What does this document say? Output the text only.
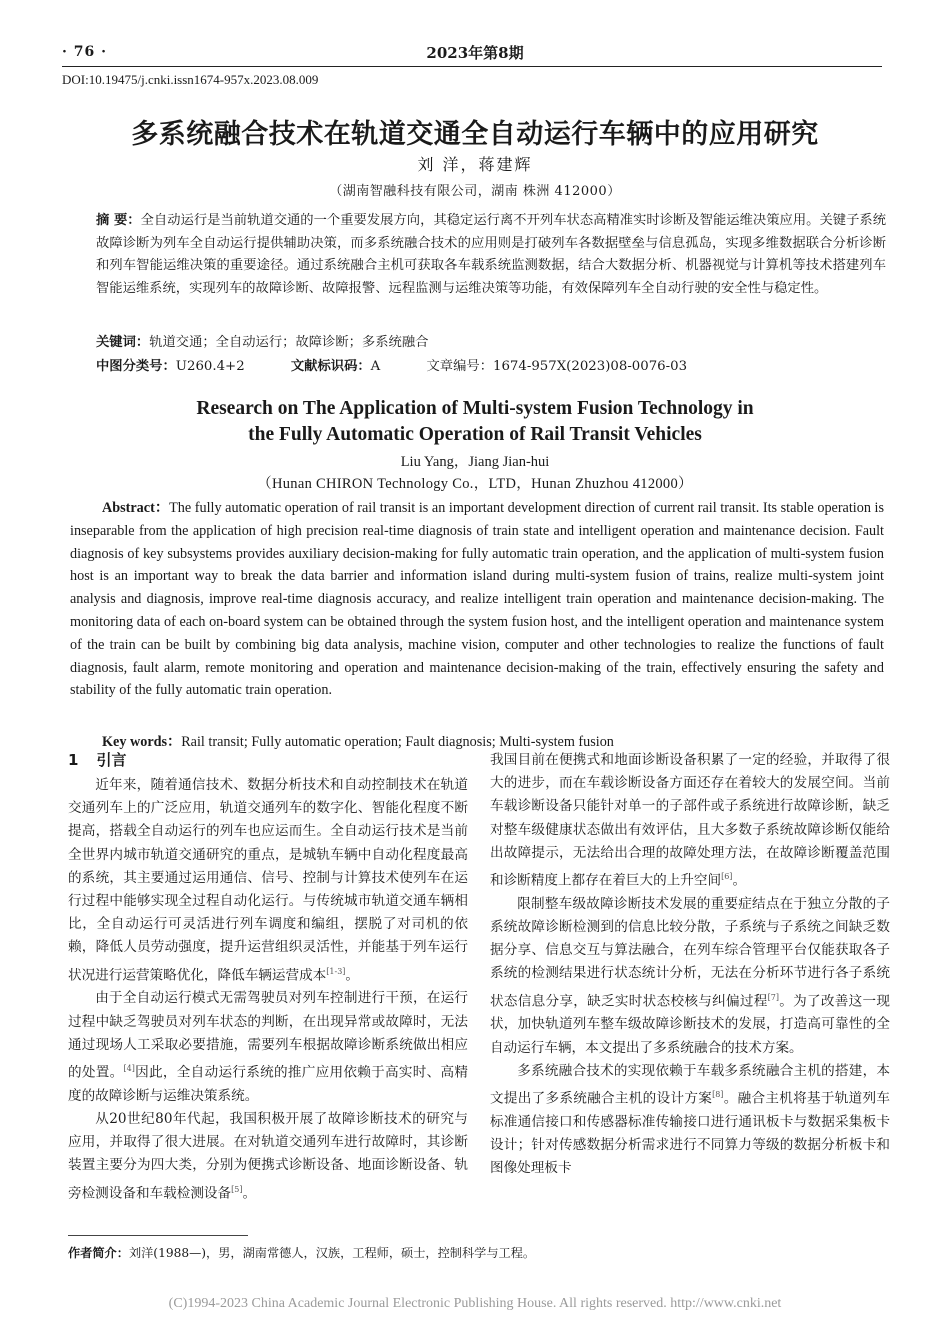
· 76 ·	2023年第8期
DOI:10.19475/j.cnki.issn1674-957x.2023.08.009
多系统融合技术在轨道交通全自动运行车辆中的应用研究
刘 洋，蒋建辉
（湖南智融科技有限公司，湖南 株洲 412000）
摘 要：全自动运行是当前轨道交通的一个重要发展方向，其稳定运行离不开列车状态高精准实时诊断及智能运维决策应用。关键子系统故障诊断为列车全自动运行提供辅助决策，而多系统融合技术的应用则是打破列车各数据壁垒与信息孤岛，实现多维数据联合分析诊断和列车智能运维决策的重要途径。通过系统融合主机可获取各车载系统监测数据，结合大数据分析、机器视觉与计算机等技术搭建列车智能运维系统，实现列车的故障诊断、故障报警、远程监测与运维决策等功能，有效保障列车全自动行驶的安全性与稳定性。
关键词：轨道交通；全自动运行；故障诊断；多系统融合
中图分类号：U260.4+2	文献标识码：A	文章编号：1674-957X(2023)08-0076-03
Research on The Application of Multi-system Fusion Technology in
the Fully Automatic Operation of Rail Transit Vehicles
Liu Yang，Jiang Jian-hui
（Hunan CHIRON Technology Co.，LTD，Hunan Zhuzhou 412000）
Abstract：The fully automatic operation of rail transit is an important development direction of current rail transit. Its stable operation is inseparable from the application of high precision real-time diagnosis of train state and intelligent operation and maintenance decision. Fault diagnosis of key subsystems provides auxiliary decision-making for fully automatic train operation, and the application of multi-system fusion host is an important way to break the data barrier and information island during multi-system fusion of trains, realize multi-system joint analysis and diagnosis, improve real-time diagnosis accuracy, and realize intelligent train operation and maintenance decision-making. The monitoring data of each on-board system can be obtained through the system fusion host, and the intelligent operation and maintenance system of the train can be built by combining big data analysis, machine vision, computer and other technologies to realize the functions of fault diagnosis, fault alarm, remote monitoring and operation and maintenance decision-making of the train, effectively ensuring the safety and stability of the fully automatic train operation.
Key words：Rail transit; Fully automatic operation; Fault diagnosis; Multi-system fusion
1 引言

近年来，随着通信技术、数据分析技术和自动控制技术在轨道交通列车上的广泛应用，轨道交通列车的数字化、智能化程度不断提高，搭载全自动运行的列车也应运而生。全自动运行技术是当前全世界内城市轨道交通研究的重点，是城轨车辆中自动化程度最高的系统，其主要通过运用通信、信号、控制与计算技术使列车在运行过程中能够实现全过程自动化运行。与传统城市轨道交通车辆相比，全自动运行可灵活进行列车调度和编组，摆脱了对司机的依赖，降低人员劳动强度，提升运营组织灵活性，并能基于列车运行状况进行运营策略优化，降低车辆运营成本[1-3]。

由于全自动运行模式无需驾驶员对列车控制进行干预，在运行过程中缺乏驾驶员对列车状态的判断，在出现异常或故障时，无法通过现场人工采取必要措施，需要列车根据故障诊断系统做出相应的处置。[4]因此，全自动运行系统的推广应用依赖于高实时、高精度的故障诊断与运维决策系统。

从20世纪80年代起，我国积极开展了故障诊断技术的研究与应用，并取得了很大进展。在对轨道交通列车进行故障时，其诊断装置主要分为四大类，分别为便携式诊断设备、地面诊断设备、轨旁检测设备和车载检测设备[5]。

我国目前在便携式和地面诊断设备积累了一定的经验，并取得了很大的进步，而在车载诊断设备方面还存在着较大的发展空间。当前车载诊断设备只能针对单一的子部件或子系统进行故障诊断，缺乏对整车级健康状态做出有效评估，且大多数子系统故障诊断仅能给出故障提示，无法给出合理的故障处理方法，在故障诊断覆盖范围和诊断精度上都存在着巨大的上升空间[6]。

限制整车级故障诊断技术发展的重要症结点在于独立分散的子系统故障诊断检测到的信息比较分散，子系统与子系统之间缺乏数据分享、信息交互与算法融合，在列车综合管理平台仅能获取各子系统的检测结果进行状态统计分析，无法在分析环节进行各子系统状态信息分享，缺乏实时状态校核与纠偏过程[7]。为了改善这一现状，加快轨道列车整车级故障诊断技术的发展，打造高可靠性的全自动运行车辆，本文提出了多系统融合的技术方案。

多系统融合技术的实现依赖于车载多系统融合主机的搭建，本文提出了多系统融合主机的设计方案[8]。融合主机将基于轨道列车标准通信接口和传感器标准传输接口进行通讯板卡与数据采集板卡设计；针对传感数据分析需求进行不同算力等级的数据分析板卡和图像处理板卡

作者简介：刘洋(1988—)，男，湖南常德人，汉族，工程师，硕士，控制科学与工程。
(C)1994-2023 China Academic Journal Electronic Publishing House. All rights reserved. http://www.cnki.net
